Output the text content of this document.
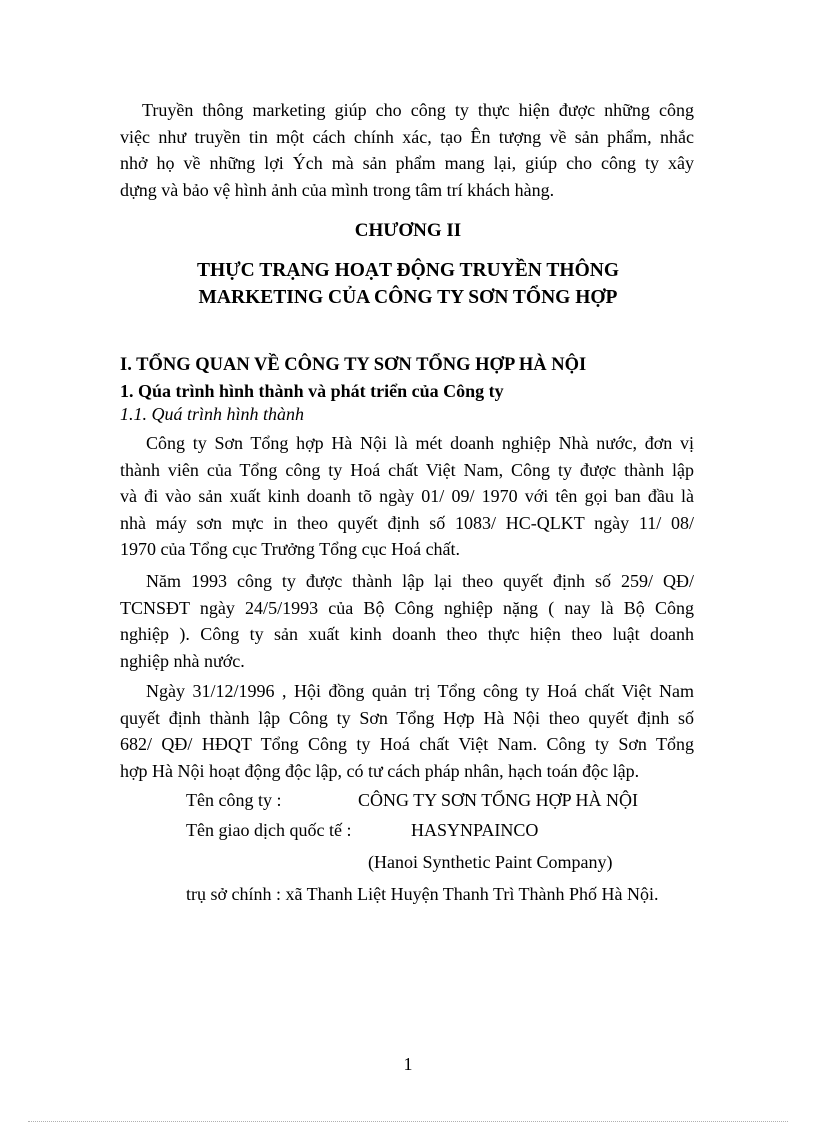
Truyền thông marketing giúp cho công ty thực hiện được những công
việc như truyền tin một cách chính xác, tạo Ên tượng về sản phẩm, nhắc
nhở họ về những lợi Ých mà sản phẩm mang lại, giúp cho công ty xây
dựng và bảo vệ hình ảnh của mình trong tâm trí khách hàng.
CHƯƠNG II
THỰC TRẠNG HOẠT ĐỘNG TRUYỀN THÔNG
MARKETING CỦA CÔNG TY SƠN TỔNG HỢP
I. TỔNG QUAN VỀ CÔNG TY SƠN TỔNG HỢP HÀ NỘI
1. Qúa trình hình thành và phát triển của Công ty
1.1. Quá trình hình thành
Công ty Sơn Tổng hợp Hà Nội là mét doanh nghiệp Nhà nước, đơn vị
thành viên của Tổng công ty Hoá chất Việt Nam, Công ty được thành lập
và đi vào sản xuất kinh doanh tõ ngày 01/ 09/ 1970 với tên gọi ban đầu là
nhà máy sơn mực in theo quyết định số 1083/ HC-QLKT ngày 11/ 08/
1970 của Tổng cục Trưởng Tổng cục Hoá chất.
Năm 1993 công ty được thành lập lại theo quyết định số 259/ QĐ/
TCNSĐT ngày 24/5/1993 của Bộ Công nghiệp nặng ( nay là Bộ Công
nghiệp ). Công ty sản xuất kinh doanh theo thực hiện theo luật doanh
nghiệp nhà nước.
Ngày 31/12/1996 , Hội đồng quản trị Tổng công ty Hoá chất Việt Nam
quyết định thành lập Công ty Sơn Tổng Hợp Hà Nội theo quyết định số
682/ QĐ/ HĐQT Tổng Công ty Hoá chất Việt Nam. Công ty Sơn Tổng
hợp Hà Nội hoạt động độc lập, có tư cách pháp nhân, hạch toán độc lập.
Tên công ty :	CÔNG TY SƠN TỔNG HỢP HÀ NỘI
Tên giao dịch quốc tế :	HASYNPAINCO
(Hanoi Synthetic Paint Company)
trụ sở chính : xã Thanh Liệt Huyện Thanh Trì Thành Phố Hà Nội.
1
